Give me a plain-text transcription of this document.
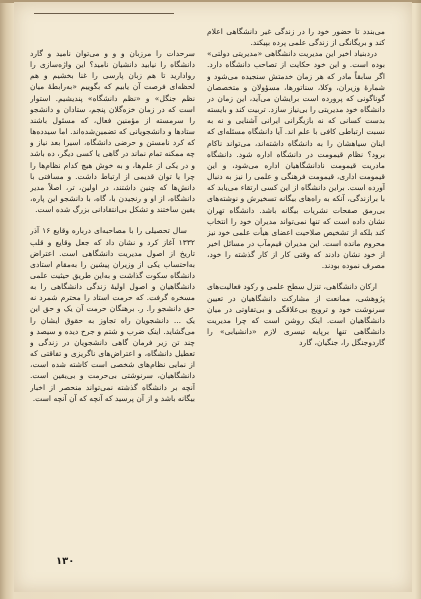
می‌بندد تا حضور خود را در زندگی غیر دانشگاهی اعلام کند و بریگانگی از زندگی علمی پرده بپیکند.

درد‌بنیاد اخیر این مدیریت دانشگاهی «مدیریتی دولتی» بوده است. و این خود حکایت از تصاحب دانشگاه دارد. اگر سابقاً مادر که هر زمان خدمتش سنجیده می‌شود و شمارهٔ وزیران، وکلا، سناتورها، مسؤولان و متخصصان گوناگونی که پرورده است برایشان می‌آید، این زمان در دانشگاه خود مدیریتی را بی‌نیاز سازد. تربیت کند و بایسته بدست کسانی که نه بازیگرانی ایرانی آشنایی و نه به نسبت ارتباطی کافی با علم اند. آیا دانشگاه مسئله‌ای که اینان سیاهشان را به دانشگاه داشته‌اند، می‌تواند ناکام برود؟ نظام قیمومت در دانشگاه اداره شود. دانشگاه مادریت قیمومت نادانشگاهیان اداره می‌شود، و این قیمومت اداری، قیمومت فرهنگی و علمی را نیز به دنبال آورده است. براین دانشگاه از این کسی ارتقاء می‌یابد که با برازندگی، آنکه به راه‌های بیگانه تسخیرش و نوشته‌های بی‌رمق صفحات نشریات بیگانه باشد. دانشگاه تهران نشان داده است که تنها نمی‌تواند مدیران خود را انتخاب کند بلکه از تشخیص صلاحیت اعضای هیأت علمی خود نیز محروم مانده است. این مدیران قیم‌مآب در مسائل اخیر از خود نشان دادند که وقتی کار از کار گذشته را خود، مصرف نموده بودند.

ارکان دانشگاهی، تنزل سطح علمی و رکود فعالیت‌های پژوهشی، ممانعت از مشارکت دانشگاهیان در تعیین سرنوشت خود و ترویج بی‌علاقگی و بی‌تفاوتی در میان دانشگاهیان است. اینک روشن است که چرا مدیریت دانشگاهی تنها برپایه تیسری لازم «دانشیابی» را گاردوجنگل را، جنگیان، گارد

سرحدات را مرزبان و و و می‌توان نامید و گارد دانشگاه را نیابید دانشیان نامید؟ این واژه‌سازی را روادارید تا هم زبان پارسی را غنا بخشیم و هم لحظه‌ای فرصت آن یابیم که بگوییم «به‌رابطهٔ میان نظم جنگل» و «نظم دانشگاه» پندیشیم. استوار است که در زمان خزه‌گلان پنجم، ستادان و دانشجو را سرمسته از مؤمنین فعال، که مسئول باشند ستادها و دانشجویانی که تضمین‌شده‌اند. اما سیدده‌ها که کرد نامستن و حرضی دانشگاه، اسیرا بعد نیاز و چه ممکنه تمام نماند در گاهی یا کسی دیگر، ده باشد و در یکی از علم‌ها، و به خوش هیچ کدام نظام‌ها را چرا یا توان قدیمی از ارتباط داشت. و مسافتی با دانش‌ها که چنین داشتند، در اولین، تر، اصلاً مدیر دانشگاه، از او و رنجیدن با، گاه، با دانشجو این پاره، یقین ساختند و تشکل بی‌انتقادانی بزرگ شده است.

سال تحصیلی را با مصاحبه‌ای درباره وقایع ۱۶ آذر ۱۳۳۲ آغاز کرد و نشان داد که جعل وقایع و قلب تاریخ از اصول مدیریت دانشگاهی است. اعتراض به‌احتساب یکی از وزیران پیشین را به‌مقام استادی دانشگاه سکوت گذاشت و به‌این طریق حیثیت علمی دانشگاهیان و اصول اولیهٔ زندگی دانشگاهی را به مسخره گرفت. که حرمت استاد را محترم شمرد نه حق دانشجو را. ر. برهنگان حرمت آن یک و حق این یک ... دانشجویان راه تجاوز به حقوق ایشان را می‌گشاید. اینک ضرب و شتم و جرح دیده و سیصد و چند تن زیر فرمان گاهی دانشجویان در زندگی و تعطیل دانشگاه، و اعتراض‌های ناگریزی و تفاقتی که از نمایی نظام‌های شخصی است کاشته شده است، دانشگاهیان، سرنوشتی بی‌حرمت و بی‌یقین‌ است. آنچه بر دانشگاه گذشته نمی‌تواند منحصر از اخبار بیگانه باشد و از آن پرسید که آنچه که آن آنچه است.

۱۳۰
